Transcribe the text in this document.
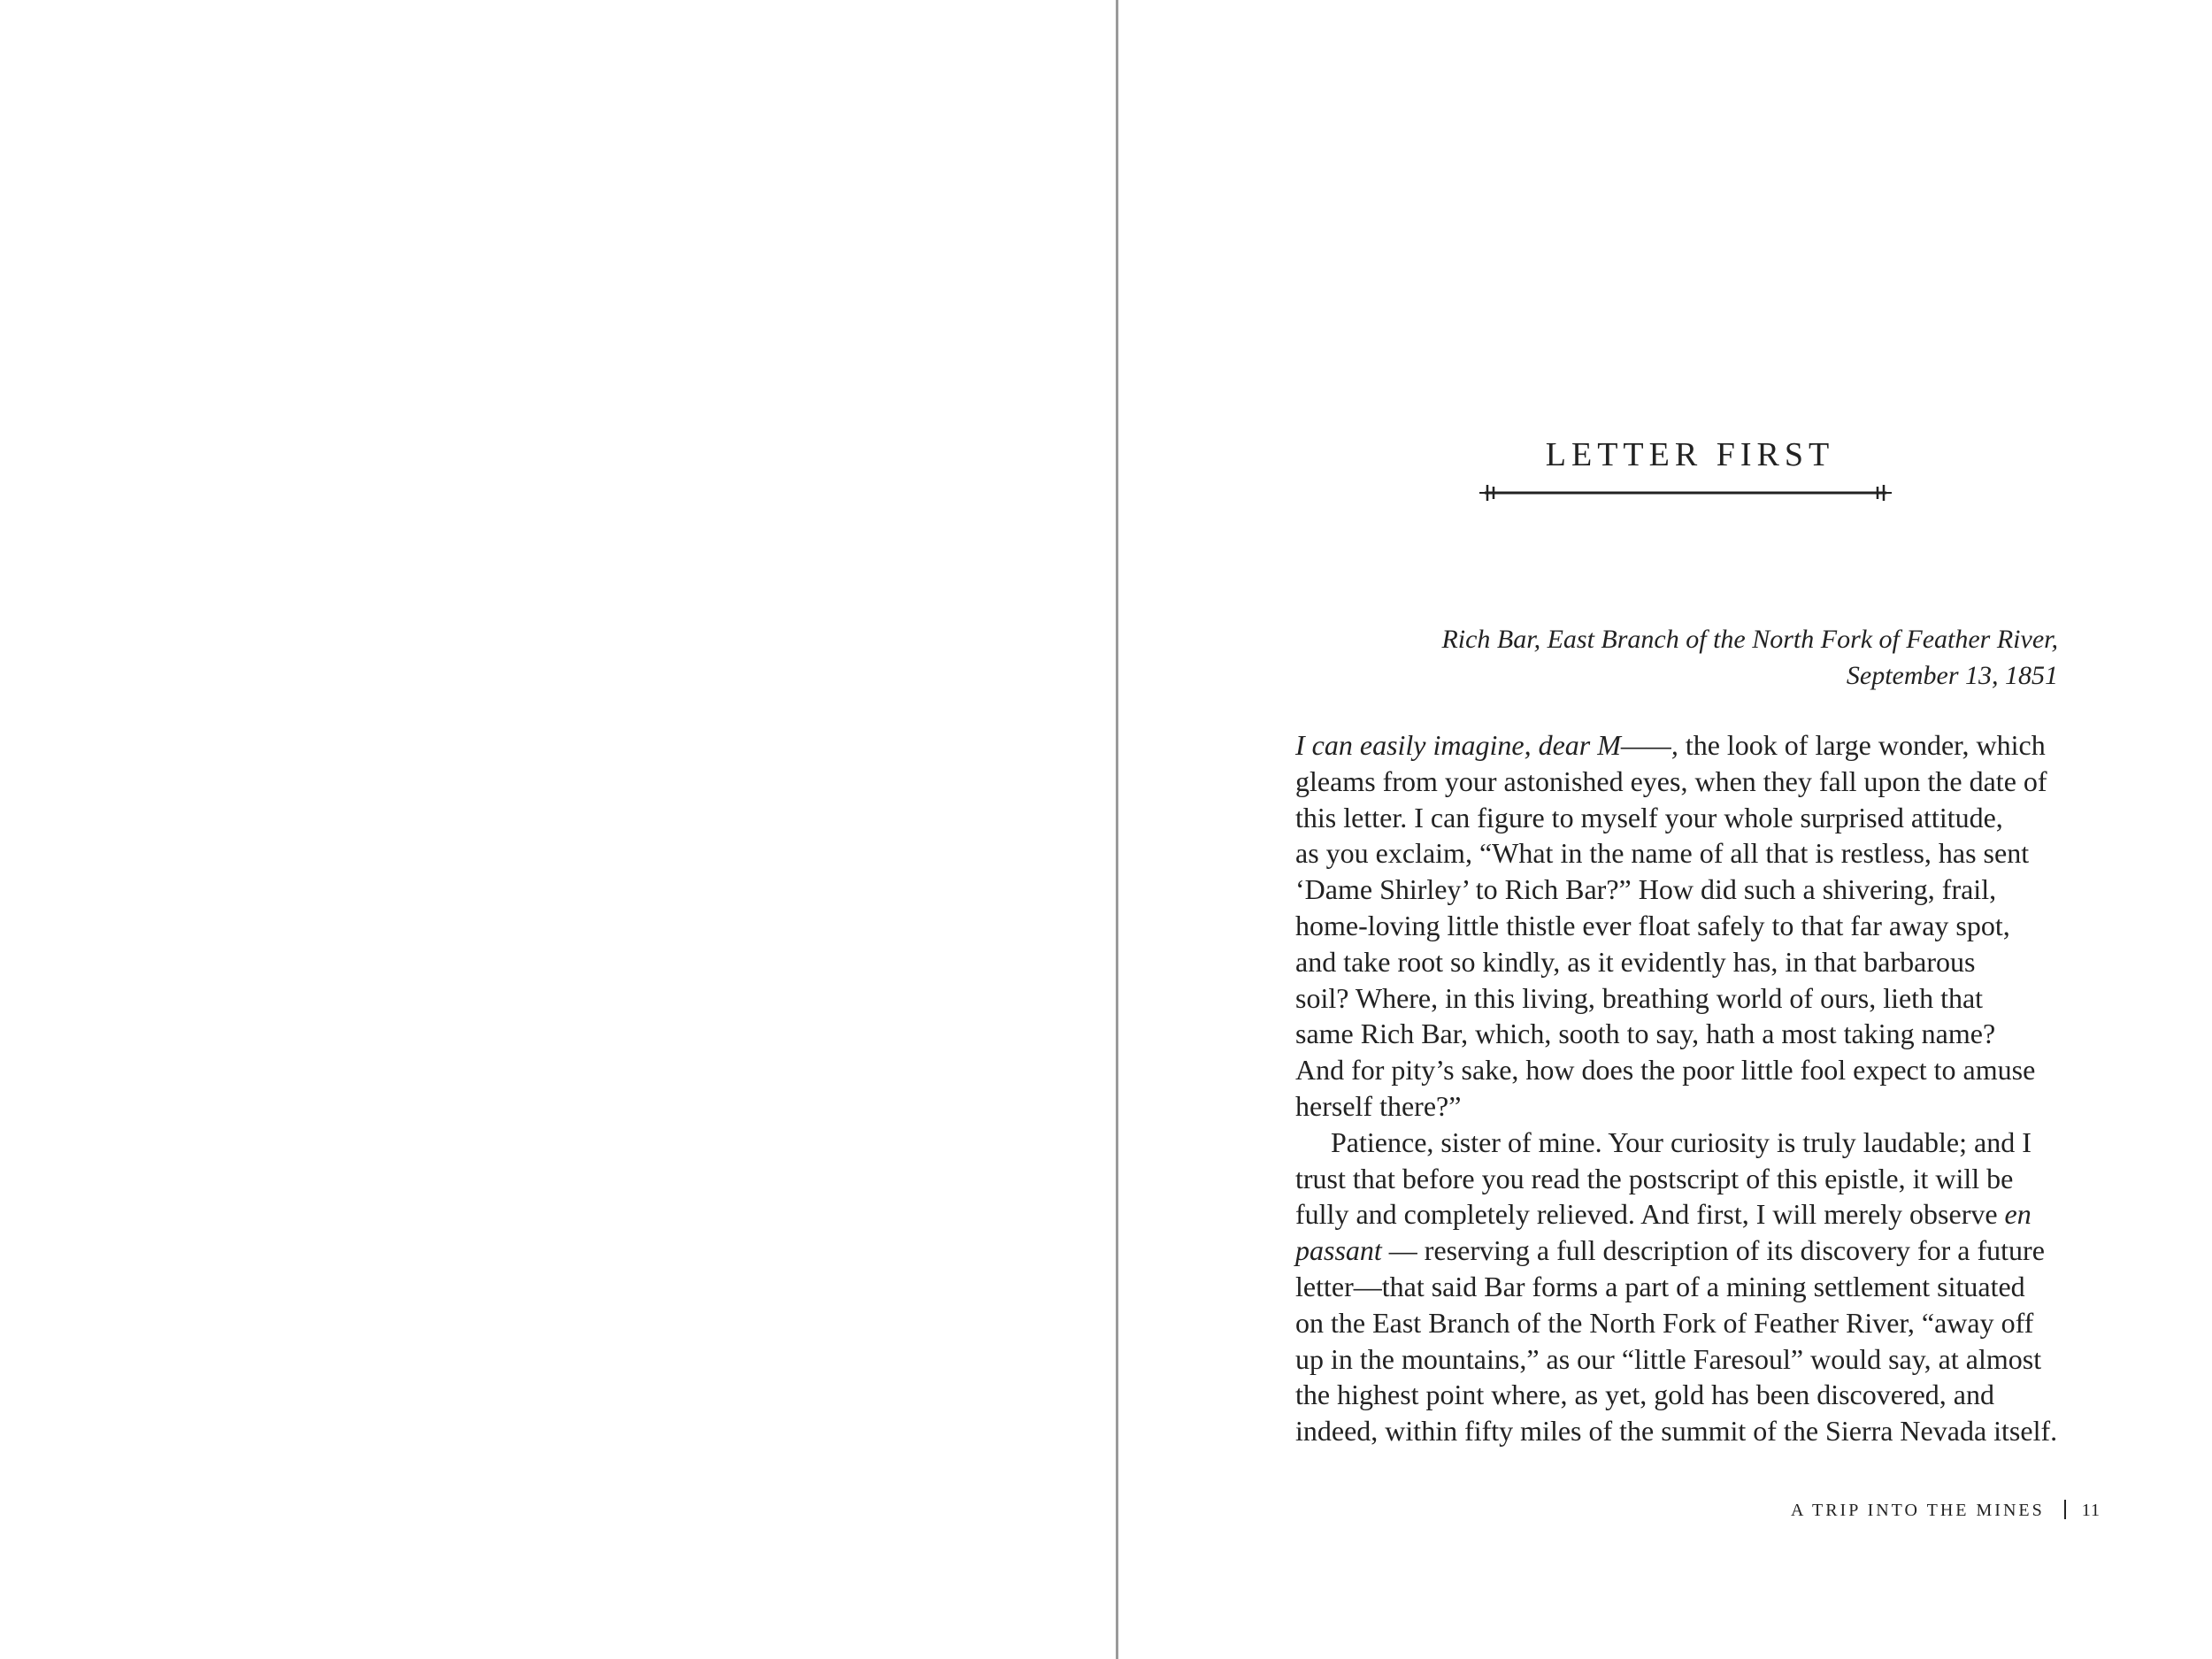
LETTER FIRST
Rich Bar, East Branch of the North Fork of Feather River,
September 13, 1851
I can easily imagine, dear M——, the look of large wonder, which
gleams from your astonished eyes, when they fall upon the date of
this letter. I can figure to myself your whole surprised attitude,
as you exclaim, “What in the name of all that is restless, has sent
‘Dame Shirley’ to Rich Bar?” How did such a shivering, frail,
home-loving little thistle ever float safely to that far away spot,
and take root so kindly, as it evidently has, in that barbarous
soil? Where, in this living, breathing world of ours, lieth that
same Rich Bar, which, sooth to say, hath a most taking name?
And for pity’s sake, how does the poor little fool expect to amuse
herself there?”
Patience, sister of mine. Your curiosity is truly laudable; and I
trust that before you read the postscript of this epistle, it will be
fully and completely relieved. And first, I will merely observe en
passant — reserving a full description of its discovery for a future
letter—that said Bar forms a part of a mining settlement situated
on the East Branch of the North Fork of Feather River, “away off
up in the mountains,” as our “little Faresoul” would say, at almost
the highest point where, as yet, gold has been discovered, and
indeed, within fifty miles of the summit of the Sierra Nevada itself.
A TRIP INTO THE MINES 11
